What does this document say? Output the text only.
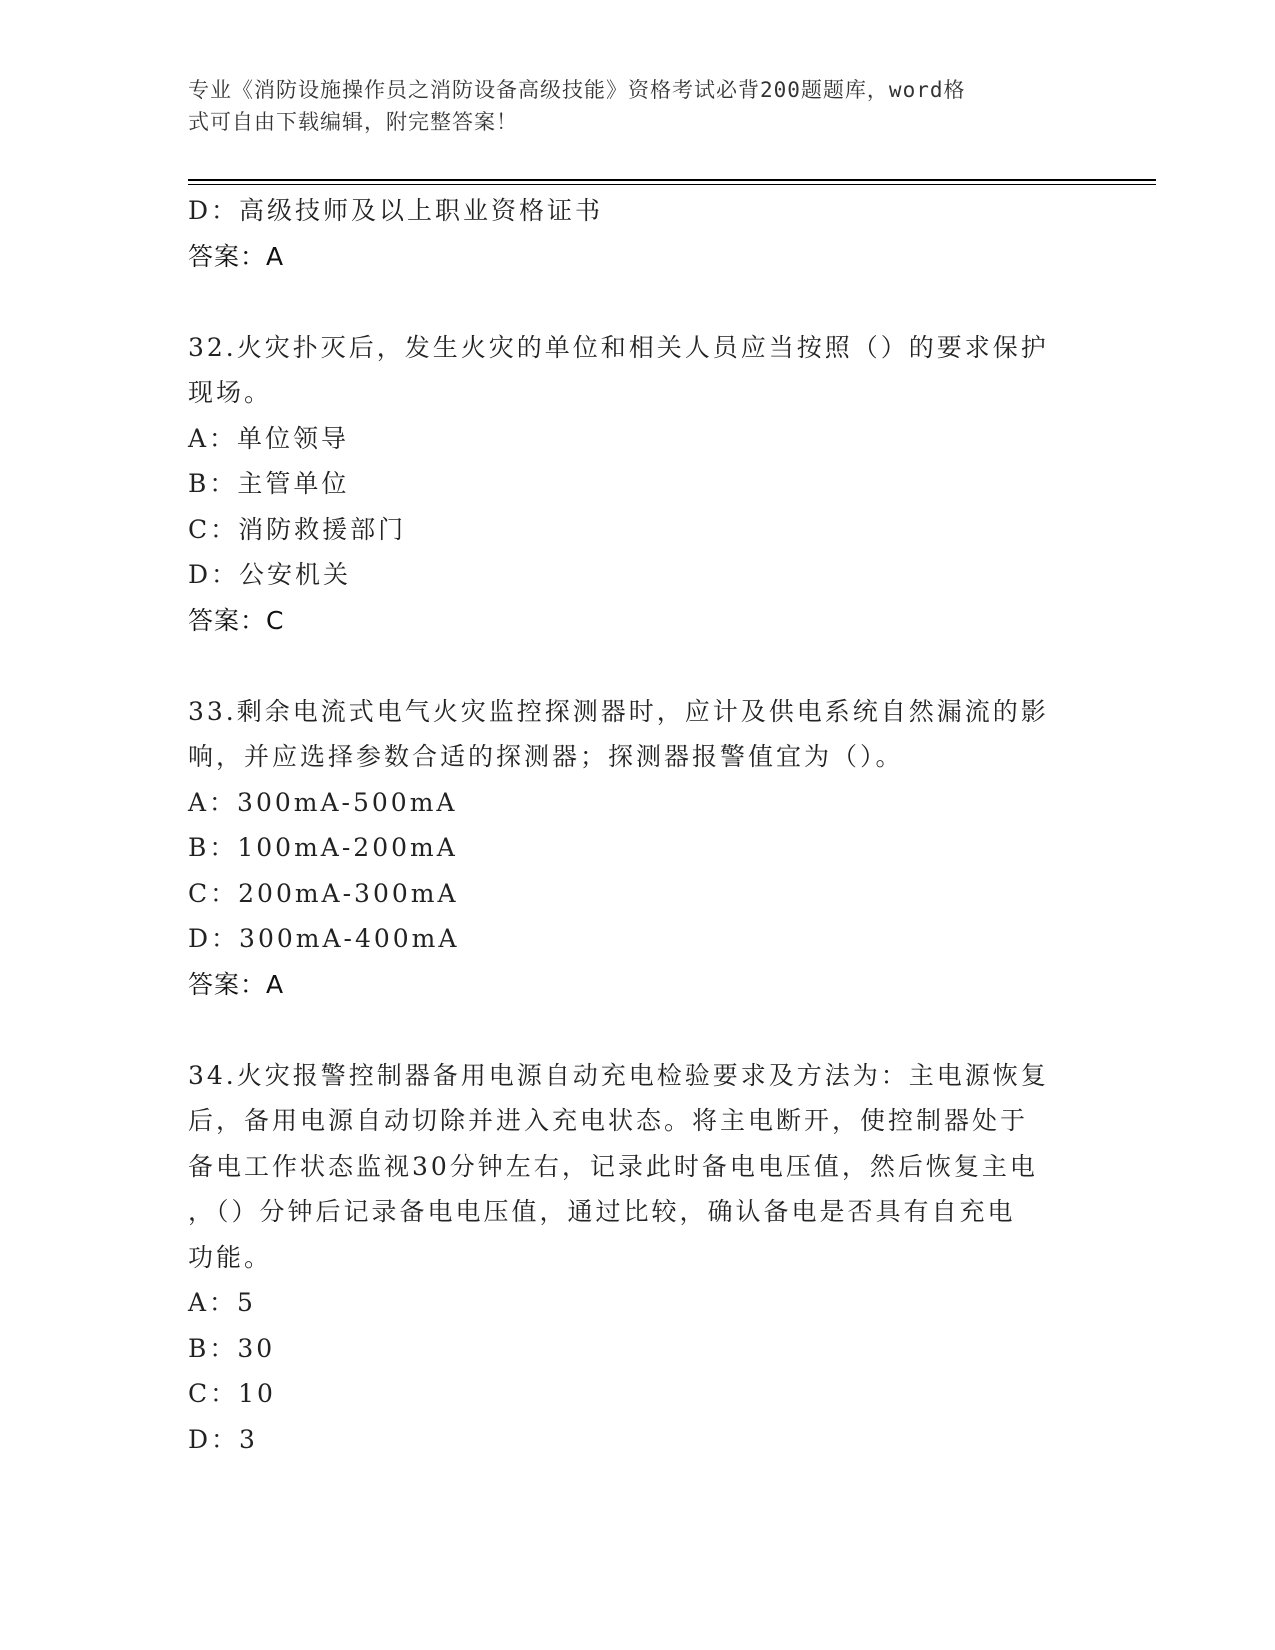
专业《消防设施操作员之消防设备高级技能》资格考试必背200题题库，word格
式可自由下载编辑，附完整答案！
D：高级技师及以上职业资格证书
答案：A
32.火灾扑灭后，发生火灾的单位和相关人员应当按照（）的要求保护
现场。
A：单位领导
B：主管单位
C：消防救援部门
D：公安机关
答案：C
33.剩余电流式电气火灾监控探测器时，应计及供电系统自然漏流的影
响，并应选择参数合适的探测器；探测器报警值宜为（）。
A：300mA-500mA
B：100mA-200mA
C：200mA-300mA
D：300mA-400mA
答案：A
34.火灾报警控制器备用电源自动充电检验要求及方法为：主电源恢复
后，备用电源自动切除并进入充电状态。将主电断开，使控制器处于
备电工作状态监视30分钟左右，记录此时备电电压值，然后恢复主电
，（）分钟后记录备电电压值，通过比较，确认备电是否具有自充电
功能。
A：5
B：30
C：10
D：3
